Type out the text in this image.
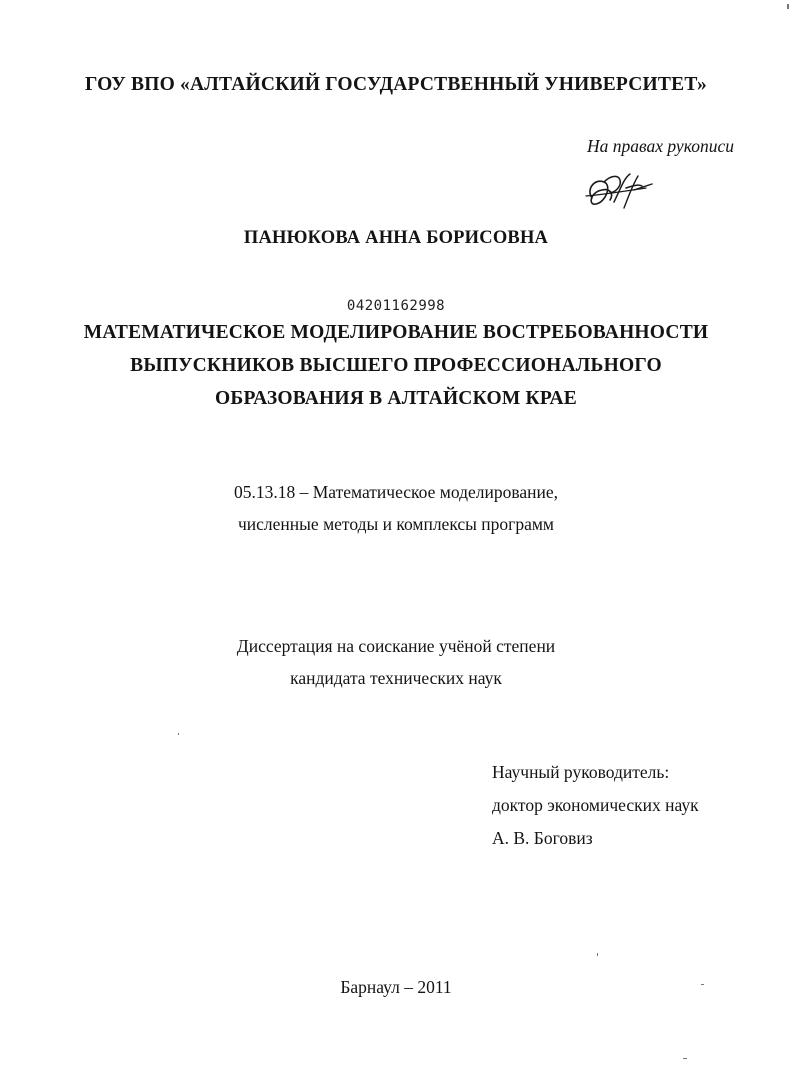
ГОУ ВПО «АЛТАЙСКИЙ ГОСУДАРСТВЕННЫЙ УНИВЕРСИТЕТ»
На правах рукописи
ПАНЮКОВА АННА БОРИСОВНА
04201162998
МАТЕМАТИЧЕСКОЕ МОДЕЛИРОВАНИЕ ВОСТРЕБОВАННОСТИ
ВЫПУСКНИКОВ ВЫСШЕГО ПРОФЕССИОНАЛЬНОГО
ОБРАЗОВАНИЯ В АЛТАЙСКОМ КРАЕ
05.13.18 – Математическое моделирование,
численные методы и комплексы программ
Диссертация на соискание учёной степени
кандидата технических наук
Научный руководитель:
доктор экономических наук
А. В. Боговиз
Барнаул – 2011
